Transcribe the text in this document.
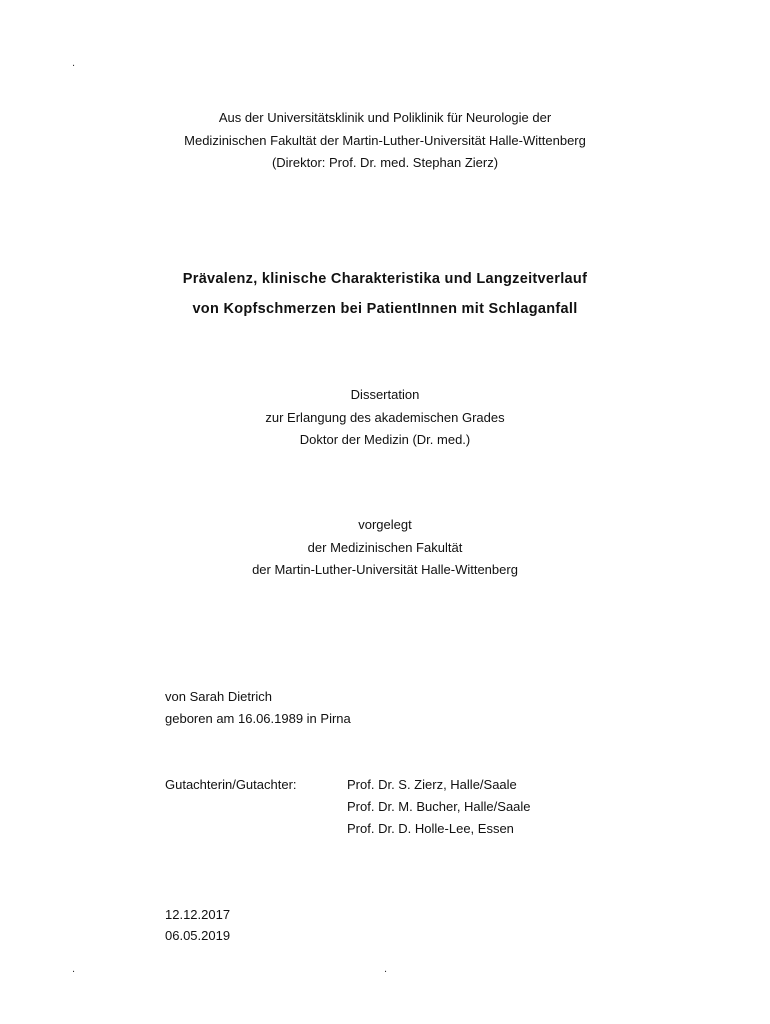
.
Aus der Universitätsklinik und Poliklinik für Neurologie der
Medizinischen Fakultät der Martin-Luther-Universität Halle-Wittenberg
(Direktor: Prof. Dr. med. Stephan Zierz)
Prävalenz, klinische Charakteristika und Langzeitverlauf
von Kopfschmerzen bei PatientInnen mit Schlaganfall
Dissertation
zur Erlangung des akademischen Grades
Doktor der Medizin (Dr. med.)
vorgelegt
der Medizinischen Fakultät
der Martin-Luther-Universität Halle-Wittenberg
von Sarah Dietrich
geboren am 16.06.1989 in Pirna
Gutachterin/Gutachter:	Prof. Dr. S. Zierz, Halle/Saale
Prof. Dr. M. Bucher, Halle/Saale
Prof. Dr. D. Holle-Lee, Essen
12.12.2017
06.05.2019
.	.
